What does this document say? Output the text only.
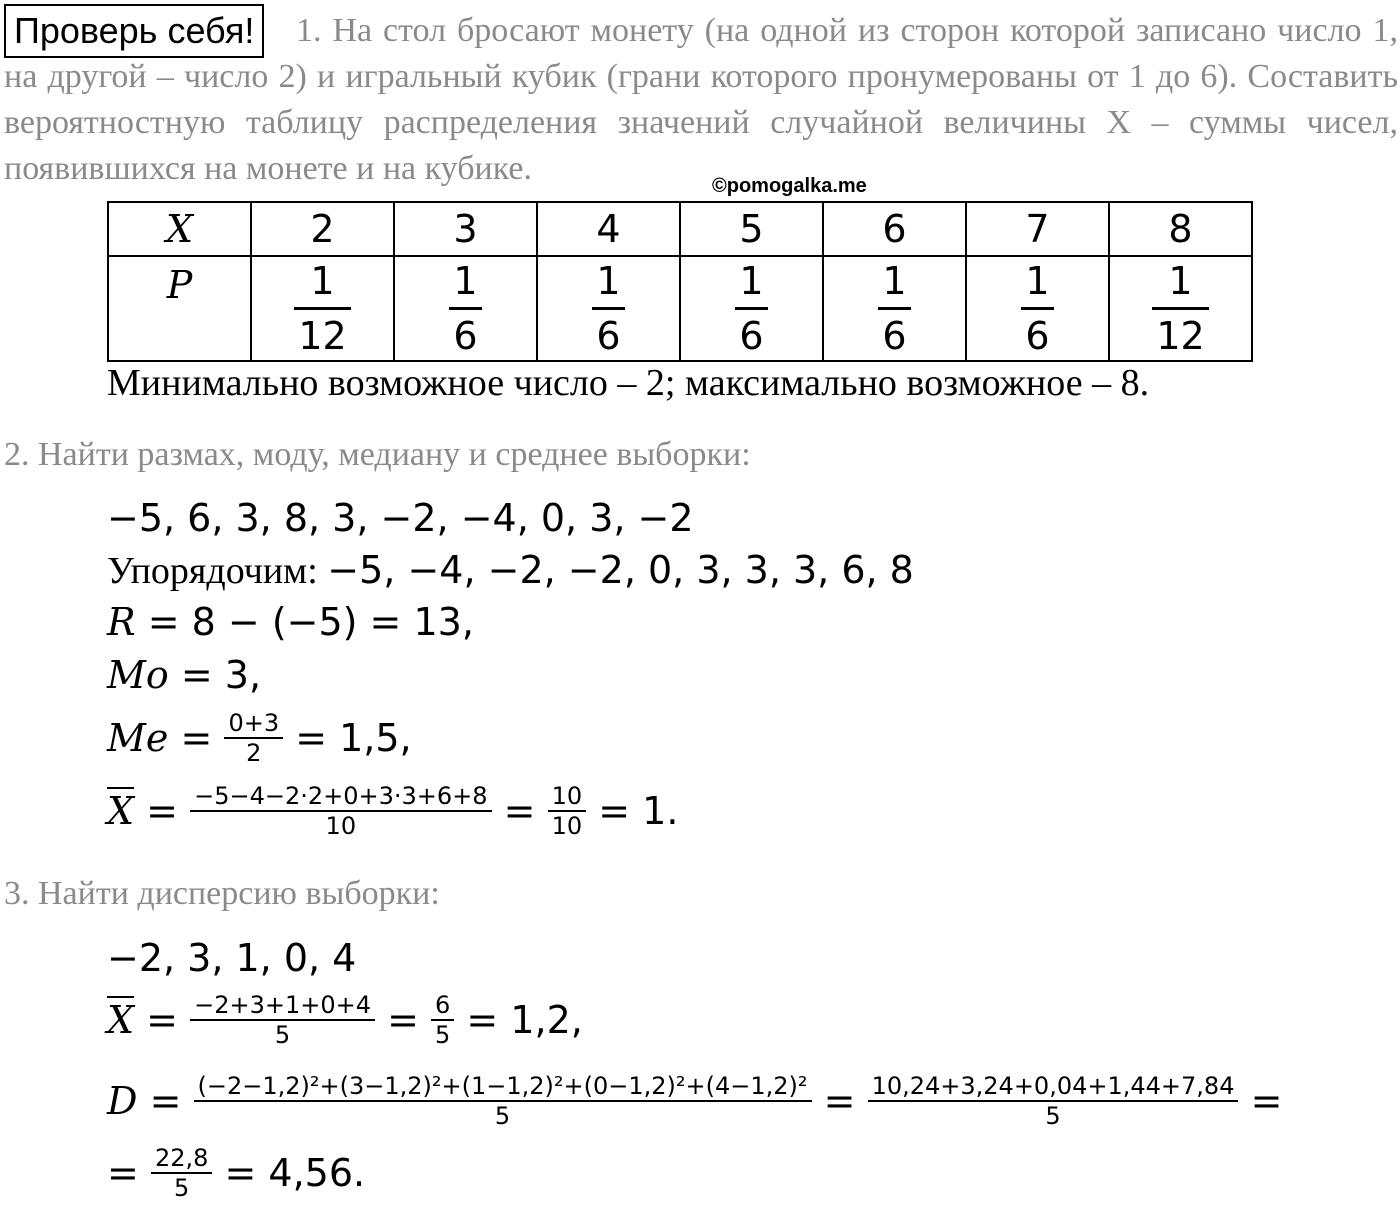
Проверь себя!	1. На стол бросают монету (на одной из сторон которой записано число 1, на другой – число 2) и игральный кубик (грани которого пронумерованы от 1 до 6). Составить вероятностную таблицу распределения значений случайной величины X – суммы чисел, появившихся на монете и на кубике.	©pomogalka.me
X	2	3	4	5	6	7	8
P	$\frac{1}{12}$	$\frac{1}{6}$	$\frac{1}{6}$	$\frac{1}{6}$	$\frac{1}{6}$	$\frac{1}{6}$	$\frac{1}{12}$
Минимально возможное число – 2; максимально возможное – 8.
2. Найти размах, моду, медиану и среднее выборки:
−5, 6, 3, 8, 3, −2, −4, 0, 3, −2
Упорядочим: −5, −4, −2, −2, 0, 3, 3, 3, 6, 8
R = 8 − (−5) = 13,
Mo = 3,
Me
=
$\frac{0+3}{2}$
= 1,5,
$\overline{X}$
=
$\frac{-5-4-2\cdot 2+0+3\cdot 3+6+8}{10}$
=
$\frac{10}{10}$
= 1.
3. Найти дисперсию выборки:
−2, 3, 1, 0, 4
$\overline{X}$
=
$\frac{-2+3+1+0+4}{5}$
=
$\frac{6}{5}$
= 1,2,
D
=
$\frac{\text{(−2−1,2)²+(3−1,2)²+(1−1,2)²+(0−1,2)²+(4−1,2)²}}{5}$
=
$\frac{10,24+3,24+0,04+1,44+7,84}{5}$
=
=
$\frac{22,8}{5}$
= 4,56.
